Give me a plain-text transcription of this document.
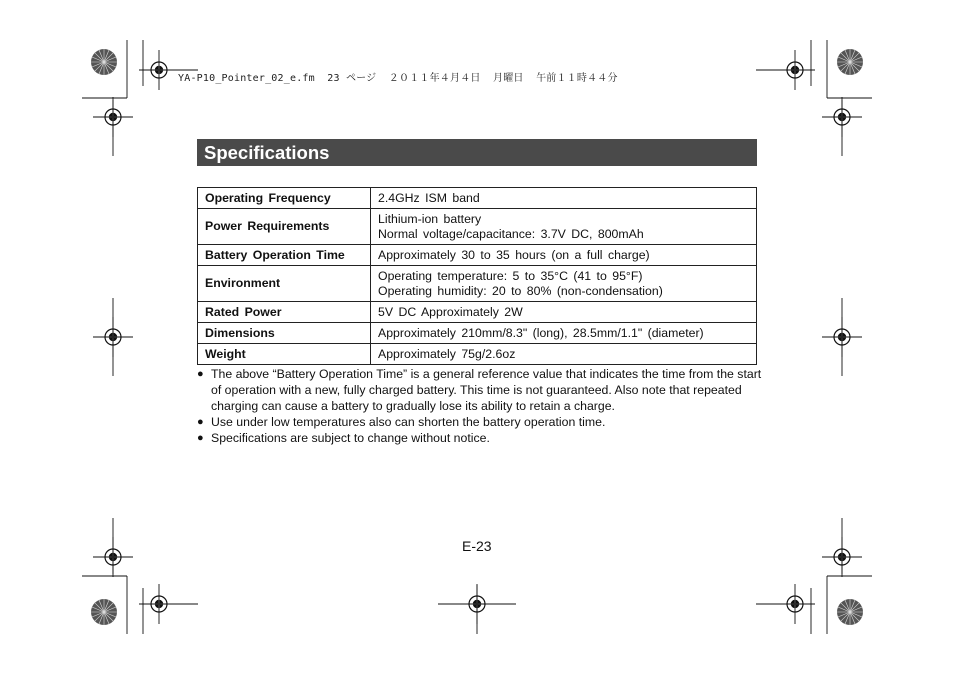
YA-P10_Pointer_02_e.fm  23 ページ  ２０１１年４月４日  月曜日  午前１１時４４分
Specifications
Operating Frequency	2.4GHz ISM band

Power Requirements	Lithium-ion battery
Normal voltage/capacitance: 3.7V DC, 800mAh

Battery Operation Time	Approximately 30 to 35 hours (on a full charge)

Environment	Operating temperature: 5 to 35°C (41 to 95°F)
Operating humidity: 20 to 80% (non-condensation)

Rated Power	5V DC Approximately 2W

Dimensions	Approximately 210mm/8.3" (long), 28.5mm/1.1" (diameter)

Weight	Approximately 75g/2.6oz
● The above “Battery Operation Time” is a general reference value that indicates the time from the start of operation with a new, fully charged battery. This time is not guaranteed. Also note that repeated charging can cause a battery to gradually lose its ability to retain a charge.
● Use under low temperatures also can shorten the battery operation time.
● Specifications are subject to change without notice.
E-23
